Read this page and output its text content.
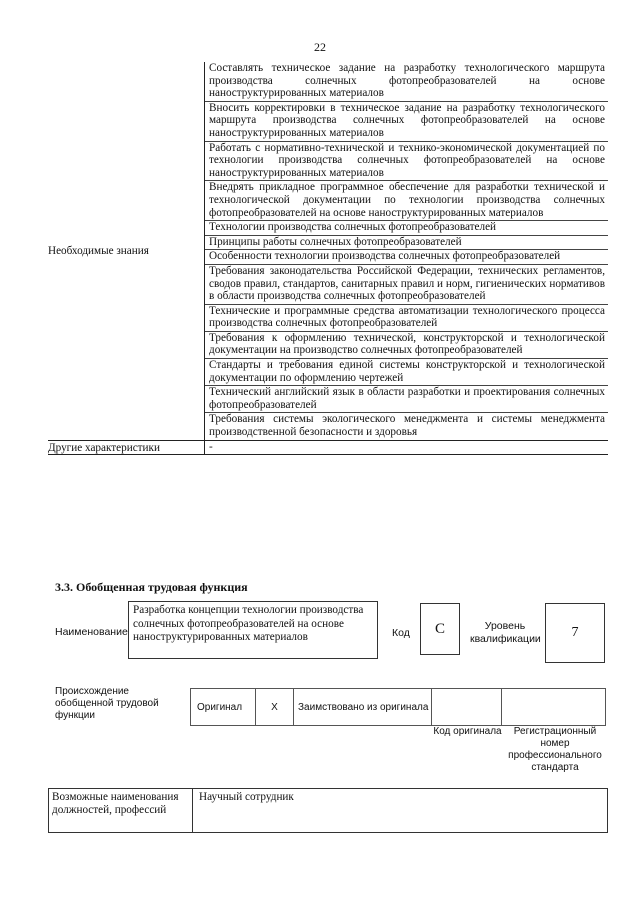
22
Необходимые знания	Составлять техническое задание на разработку технологического маршрута производства солнечных фотопреобразователей на основе наноструктурированных материалов
	Вносить корректировки в техническое задание на разработку технологического маршрута производства солнечных фотопреобразователей на основе наноструктурированных материалов
	Работать с нормативно-технической и технико-экономической документацией по технологии производства солнечных фотопреобразователей на основе наноструктурированных материалов
	Внедрять прикладное программное обеспечение для разработки технической и технологической документации по технологии производства солнечных фотопреобразователей на основе наноструктурированных материалов
	Технологии производства солнечных фотопреобразователей
	Принципы работы солнечных фотопреобразователей
	Особенности технологии производства солнечных фотопреобразователей
	Требования законодательства Российской Федерации, технических регламентов, сводов правил, стандартов, санитарных правил и норм, гигиенических нормативов в области производства солнечных фотопреобразователей
	Технические и программные средства автоматизации технологического процесса производства солнечных фотопреобразователей
	Требования к оформлению технической, конструкторской и технологической документации на производство солнечных фотопреобразователей
	Стандарты и требования единой системы конструкторской и технологической документации по оформлению чертежей
	Технический английский язык в области разработки и проектирования солнечных фотопреобразователей
	Требования системы экологического менеджмента и системы менеджмента производственной безопасности и здоровья
Другие характеристики	-
3.3. Обобщенная трудовая функция
Наименование
Разработка концепции технологии производства солнечных фотопреобразователей на основе наноструктурированных материалов	Код	C	Уровень квалификации	7
Происхождение обобщенной трудовой функции
Оригинал	X	Заимствовано из оригинала
Код оригинала	Регистрационный номер профессионального стандарта
Возможные наименования должностей, профессий
Научный сотрудник
